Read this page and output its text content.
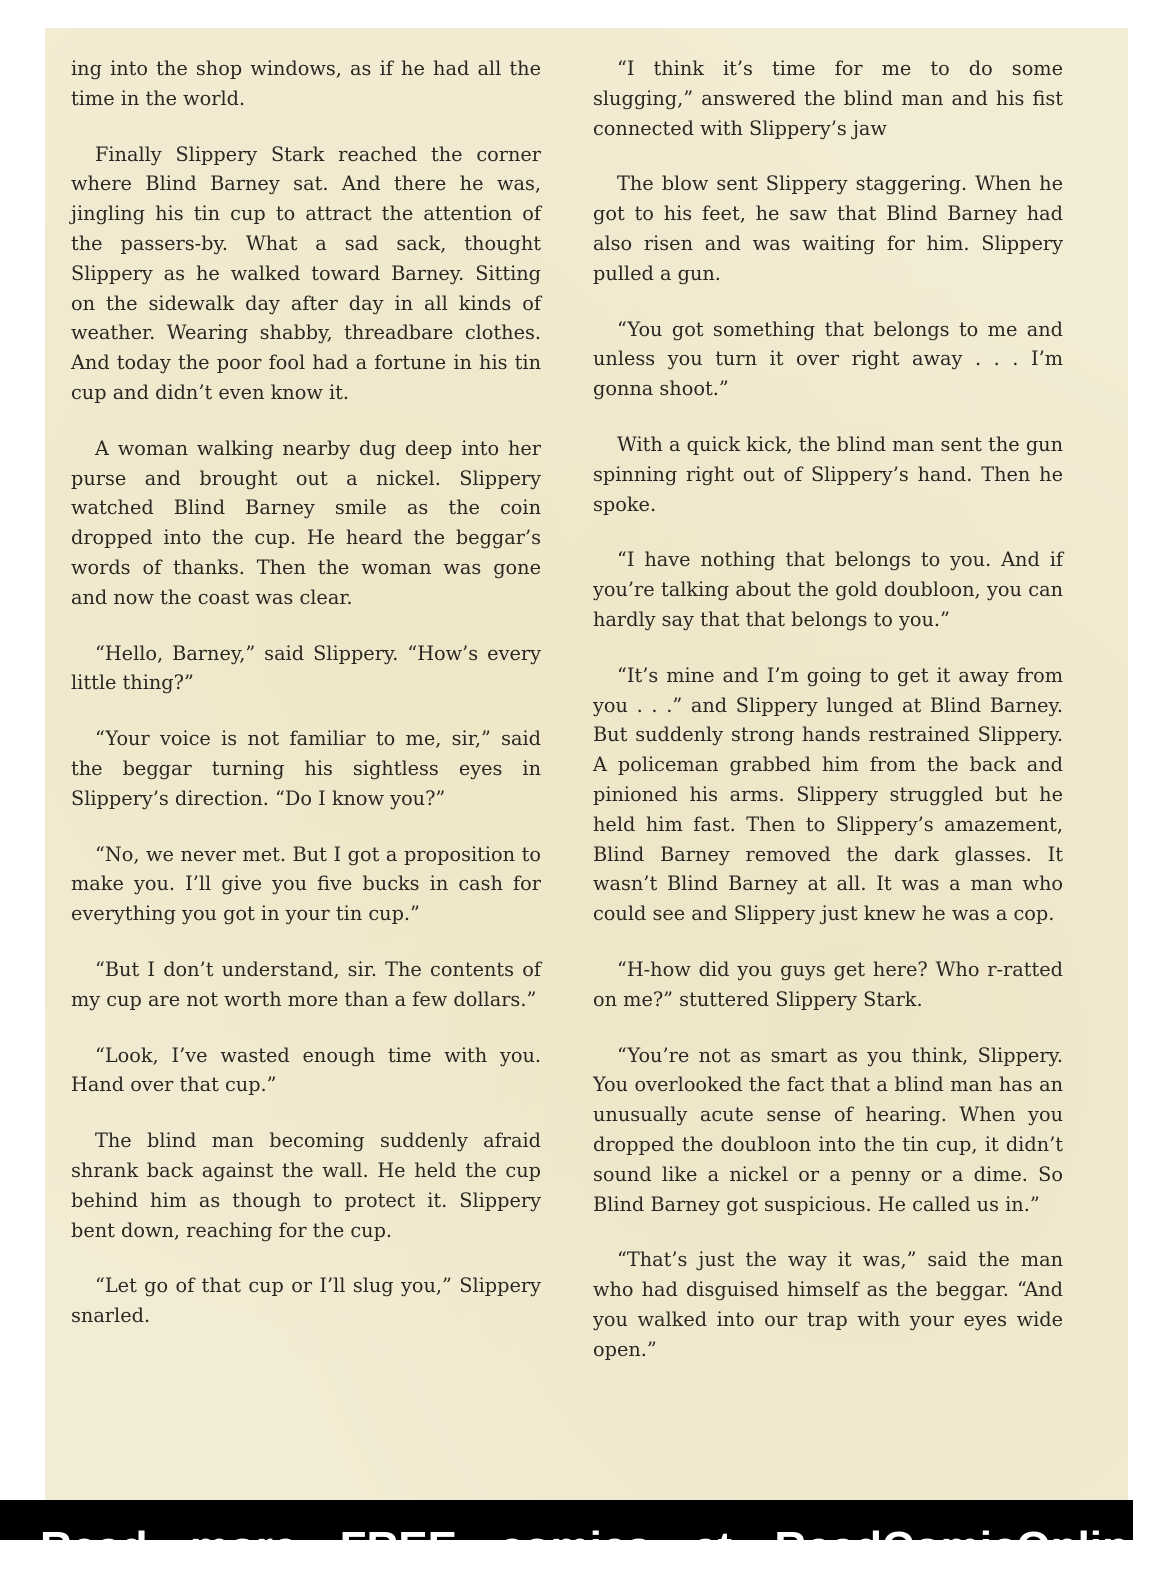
ing into the shop windows, as if he had all the time in the world.

Finally Slippery Stark reached the corner where Blind Barney sat. And there he was, jingling his tin cup to attract the attention of the passers-by. What a sad sack, thought Slippery as he walked toward Barney. Sitting on the sidewalk day after day in all kinds of weather. Wearing shabby, threadbare clothes. And today the poor fool had a fortune in his tin cup and didn’t even know it.

A woman walking nearby dug deep into her purse and brought out a nickel. Slippery watched Blind Barney smile as the coin dropped into the cup. He heard the beggar’s words of thanks. Then the woman was gone and now the coast was clear.

“Hello, Barney,” said Slippery. “How’s every little thing?”

“Your voice is not familiar to me, sir,” said the beggar turning his sightless eyes in Slippery’s direction. “Do I know you?”

“No, we never met. But I got a proposition to make you. I’ll give you five bucks in cash for everything you got in your tin cup.”

“But I don’t understand, sir. The contents of my cup are not worth more than a few dollars.”

“Look, I’ve wasted enough time with you. Hand over that cup.”

The blind man becoming suddenly afraid shrank back against the wall. He held the cup behind him as though to protect it. Slippery bent down, reaching for the cup.

“Let go of that cup or I’ll slug you,” Slippery snarled.

“I think it’s time for me to do some slugging,” answered the blind man and his fist connected with Slippery’s jaw

The blow sent Slippery staggering. When he got to his feet, he saw that Blind Barney had also risen and was waiting for him. Slippery pulled a gun.

“You got something that belongs to me and unless you turn it over right away . . . I’m gonna shoot.”

With a quick kick, the blind man sent the gun spinning right out of Slippery’s hand. Then he spoke.

“I have nothing that belongs to you. And if you’re talking about the gold doubloon, you can hardly say that that belongs to you.”

“It’s mine and I’m going to get it away from you . . .” and Slippery lunged at Blind Barney. But suddenly strong hands restrained Slippery. A policeman grabbed him from the back and pinioned his arms. Slippery struggled but he held him fast. Then to Slippery’s amazement, Blind Barney removed the dark glasses. It wasn’t Blind Barney at all. It was a man who could see and Slippery just knew he was a cop.

“H-how did you guys get here? Who r-ratted on me?” stuttered Slippery Stark.

“You’re not as smart as you think, Slippery. You overlooked the fact that a blind man has an unusually acute sense of hearing. When you dropped the doubloon into the tin cup, it didn’t sound like a nickel or a penny or a dime. So Blind Barney got suspicious. He called us in.”

“That’s just the way it was,” said the man who had disguised himself as the beggar. “And you walked into our trap with your eyes wide open.”

Read more FREE comics at ReadComicOnline
